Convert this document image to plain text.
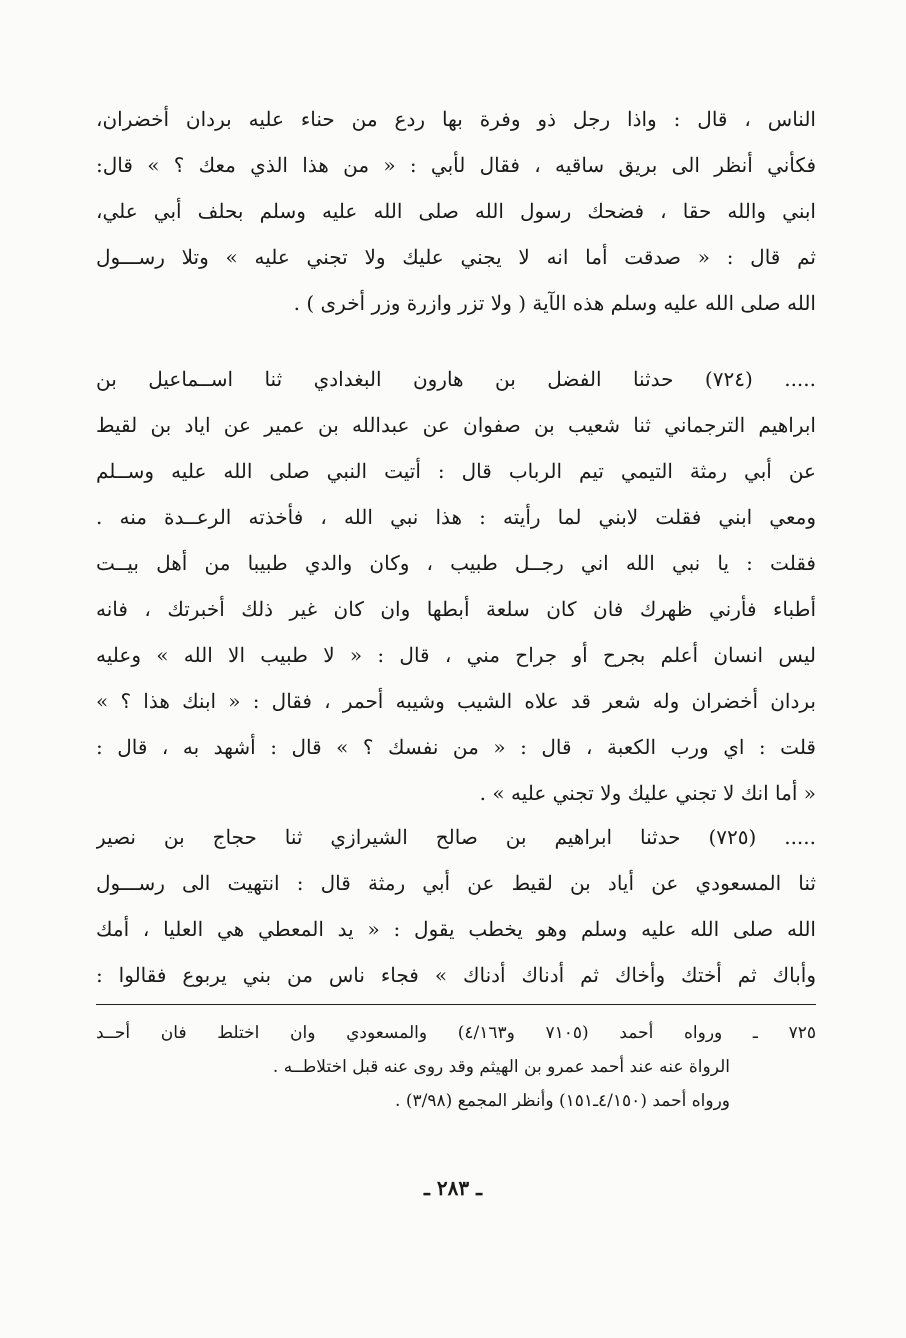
الناس ، قال : واذا رجل ذو وفرة بها ردع من حناء عليه بردان أخضران،
فكأني أنظر الى بريق ساقيه ، فقال لأبي : « من هذا الذي معك ؟ » قال:
ابني والله حقا ، فضحك رسول الله صلى الله عليه وسلم بحلف أبي علي،
ثم قال : « صدقت أما انه لا يجني عليك ولا تجني عليه » وتلا رســـول
الله صلى الله عليه وسلم هذه الآية ( ولا تزر وازرة وزر أخرى ) .
..... (٧٢٤) حدثنا الفضل بن هارون البغدادي ثنا اســماعيل بن
ابراهيم الترجماني ثنا شعيب بن صفوان عن عبدالله بن عمير عن اياد بن لقيط
عن أبي رمثة التيمي تيم الرباب قال : أتيت النبي صلى الله عليه وســلم
ومعي ابني فقلت لابني لما رأيته : هذا نبي الله ، فأخذته الرعــدة منه .
فقلت : يا نبي الله اني رجــل طبيب ، وكان والدي طبيبا من أهل بيــت
أطباء فأرني ظهرك فان كان سلعة أبطها وان كان غير ذلك أخبرتك ، فانه
ليس انسان أعلم بجرح أو جراح مني ، قال : « لا طبيب الا الله » وعليه
بردان أخضران وله شعر قد علاه الشيب وشيبه أحمر ، فقال : « ابنك هذا ؟ »
قلت : اي ورب الكعبة ، قال : « من نفسك ؟ » قال : أشهد به ، قال :
« أما انك لا تجني عليك ولا تجني عليه » .
..... (٧٢٥) حدثنا ابراهيم بن صالح الشيرازي ثنا حجاج بن نصير
ثنا المسعودي عن أياد بن لقيط عن أبي رمثة قال : انتهيت الى رســـول
الله صلى الله عليه وسلم وهو يخطب يقول : « يد المعطي هي العليا ، أمك
وأباك ثم أختك وأخاك ثم أدناك أدناك » فجاء ناس من بني يربوع فقالوا :
٧٢٥ ـ ورواه أحمد (٧١٠٥ و٤/١٦٣) والمسعودي وان اختلط فان أحــد
الرواة عنه عند أحمد عمرو بن الهيثم وقد روى عنه قبل اختلاطــه .
ورواه أحمد (٤/١٥٠ـ١٥١) وأنظر المجمع (٣/٩٨) .
ـ ٢٨٣ ـ
